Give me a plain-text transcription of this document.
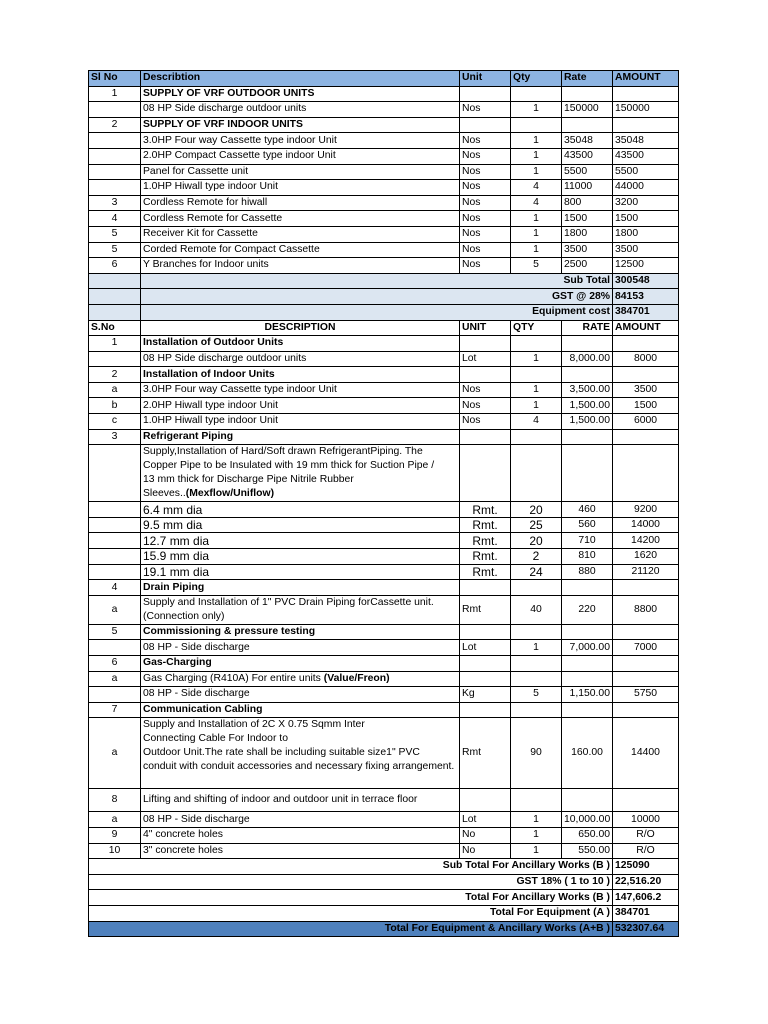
Sl No	Describtion	Unit	Qty	Rate	AMOUNT
1	SUPPLY OF VRF OUTDOOR UNITS				
	08 HP Side discharge outdoor units	Nos	1	150000	150000
2	SUPPLY OF VRF INDOOR UNITS				
	3.0HP Four way Cassette type indoor Unit	Nos	1	35048	35048
	2.0HP Compact Cassette type indoor Unit	Nos	1	43500	43500
	Panel for Cassette unit	Nos	1	5500	5500
	1.0HP Hiwall type indoor Unit	Nos	4	11000	44000
3	Cordless Remote for hiwall	Nos	4	800	3200
4	Cordless Remote for Cassette	Nos	1	1500	1500
5	Receiver Kit for Cassette	Nos	1	1800	1800
5	Corded Remote for Compact Cassette	Nos	1	3500	3500
6	Y Branches for Indoor units	Nos	5	2500	12500
	Sub Total				300548
	GST @ 28%				84153
	Equipment cost				384701
S.No	DESCRIPTION	UNIT	QTY	RATE	AMOUNT
1	Installation of Outdoor Units				
	08 HP Side discharge outdoor units	Lot	1	8,000.00	8000
2	Installation of Indoor Units				
a	3.0HP Four way Cassette type indoor Unit	Nos	1	3,500.00	3500
b	2.0HP Hiwall type indoor Unit	Nos	1	1,500.00	1500
c	1.0HP Hiwall type indoor Unit	Nos	4	1,500.00	6000
3	Refrigerant Piping				

	Supply,Installation of Hard/Soft drawn RefrigerantPiping. The
Copper Pipe to be Insulated with 19 mm thick for Suction Pipe /
13 mm thick for Discharge Pipe Nitrile Rubber
Sleeves..(Mexflow/Uniflow)				

	6.4 mm dia	Rmt.	20	460	9200
	9.5 mm dia	Rmt.	25	560	14000
	12.7 mm dia	Rmt.	20	710	14200
	15.9 mm dia	Rmt.	2	810	1620
	19.1 mm dia	Rmt.	24	880	21120
4	Drain Piping				
a	Supply and Installation of 1" PVC Drain Piping forCassette unit.
(Connection only)	Rmt	40	220	8800
5	Commissioning & pressure testing				
	08 HP - Side discharge	Lot	1	7,000.00	7000
6	Gas-Charging				
a	Gas Charging (R410A) For entire units (Value/Freon)				
	08 HP - Side discharge	Kg	5	1,150.00	5750
7	Communication Cabling				
a	Supply and Installation of 2C X 0.75 Sqmm Inter
Connecting Cable For Indoor to
Outdoor Unit.The rate shall be including suitable size1" PVC
conduit with conduit accessories and necessary fixing arrangement.	Rmt	90	160.00	14400
8	Lifting and shifting of indoor and outdoor unit in terrace floor				
a	08 HP - Side discharge	Lot	1	10,000.00	10000
9	4" concrete holes	No	1	650.00	R/O
10	3" concrete holes	No	1	550.00	R/O
Sub Total For Ancillary Works (B )					125090
GST 18% ( 1 to 10 )					22,516.20
Total For Ancillary Works (B )					147,606.2
Total For Equipment (A )					384701
Total For Equipment & Ancillary Works (A+B )					532307.64
